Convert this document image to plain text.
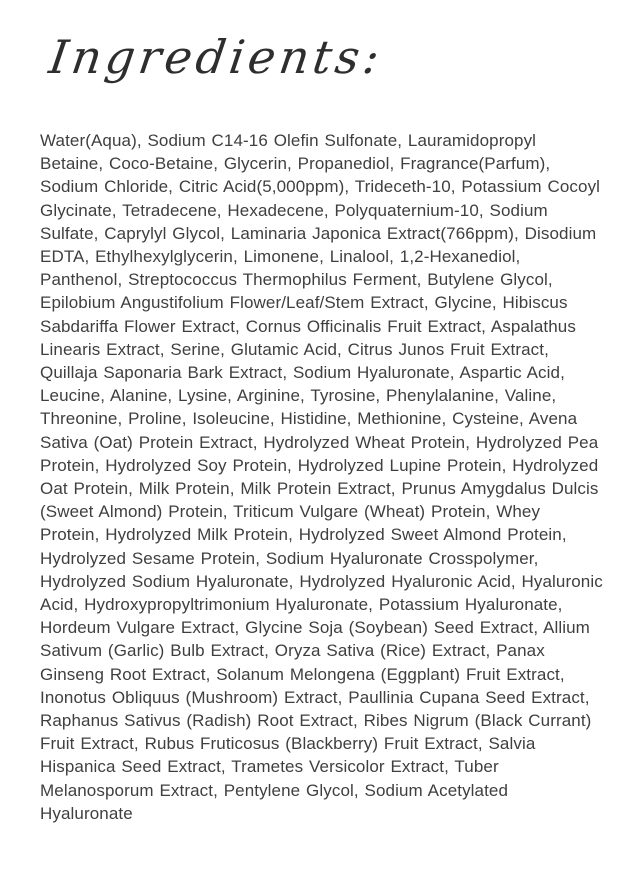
Ingredients:

Water(Aqua), Sodium C14-16 Olefin Sulfonate, Lauramidopropyl Betaine, Coco-Betaine, Glycerin, Propanediol, Fragrance(Parfum), Sodium Chloride, Citric Acid(5,000ppm), Trideceth-10, Potassium Cocoyl Glycinate, Tetradecene, Hexadecene, Polyquaternium-10, Sodium Sulfate, Caprylyl Glycol, Laminaria Japonica Extract(766ppm), Disodium EDTA, Ethylhexylglycerin, Limonene, Linalool, 1,2-Hexanediol, Panthenol, Streptococcus Thermophilus Ferment, Butylene Glycol, Epilobium Angustifolium Flower/Leaf/Stem Extract, Glycine, Hibiscus Sabdariffa Flower Extract, Cornus Officinalis Fruit Extract, Aspalathus Linearis Extract, Serine, Glutamic Acid, Citrus Junos Fruit Extract, Quillaja Saponaria Bark Extract, Sodium Hyaluronate, Aspartic Acid, Leucine, Alanine, Lysine, Arginine, Tyrosine, Phenylalanine, Valine, Threonine, Proline, Isoleucine, Histidine, Methionine, Cysteine, Avena Sativa (Oat) Protein Extract, Hydrolyzed Wheat Protein, Hydrolyzed Pea Protein, Hydrolyzed Soy Protein, Hydrolyzed Lupine Protein, Hydrolyzed Oat Protein, Milk Protein, Milk Protein Extract, Prunus Amygdalus Dulcis (Sweet Almond) Protein, Triticum Vulgare (Wheat) Protein, Whey Protein, Hydrolyzed Milk Protein, Hydrolyzed Sweet Almond Protein, Hydrolyzed Sesame Protein, Sodium Hyaluronate Crosspolymer, Hydrolyzed Sodium Hyaluronate, Hydrolyzed Hyaluronic Acid, Hyaluronic Acid, Hydroxypropyltrimonium Hyaluronate, Potassium Hyaluronate, Hordeum Vulgare Extract, Glycine Soja (Soybean) Seed Extract, Allium Sativum (Garlic) Bulb Extract, Oryza Sativa (Rice) Extract, Panax Ginseng Root Extract, Solanum Melongena (Eggplant) Fruit Extract, Inonotus Obliquus (Mushroom) Extract, Paullinia Cupana Seed Extract, Raphanus Sativus (Radish) Root Extract, Ribes Nigrum (Black Currant) Fruit Extract, Rubus Fruticosus (Blackberry) Fruit Extract, Salvia Hispanica Seed Extract, Trametes Versicolor Extract, Tuber Melanosporum Extract, Pentylene Glycol, Sodium Acetylated Hyaluronate
